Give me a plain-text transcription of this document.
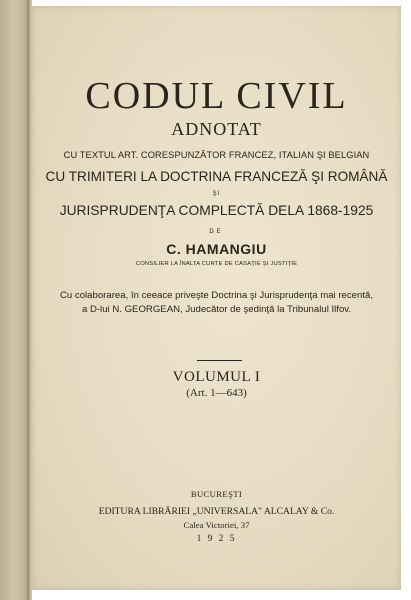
CODUL CIVIL
ADNOTAT
CU TEXTUL ART. CORESPUNZĂTOR FRANCEZ, ITALIAN ŞI BELGIAN
CU TRIMITERI LA DOCTRINA FRANCEZĂ ŞI ROMÂNĂ
ŞI
JURISPRUDENŢA COMPLECTĂ DELA 1868-1925
DE
C. HAMANGIU
CONSILIER LA ÎNALTA CURTE DE CASAŢIE ŞI JUSTIŢIE
Cu colaborarea, în ceeace priveşte Doctrina şi Jurisprudenţa mai recentă,
a D-lui N. GEORGEAN, Judecător de şedinţă la Tribunalul Ilfov.
VOLUMUL I
(Art. 1—643)
BUCUREŞTI
EDITURA LIBRĂRIEI „UNIVERSALA" ALCALAY & Co.
Calea Victoriei, 37
1 9 2 5
